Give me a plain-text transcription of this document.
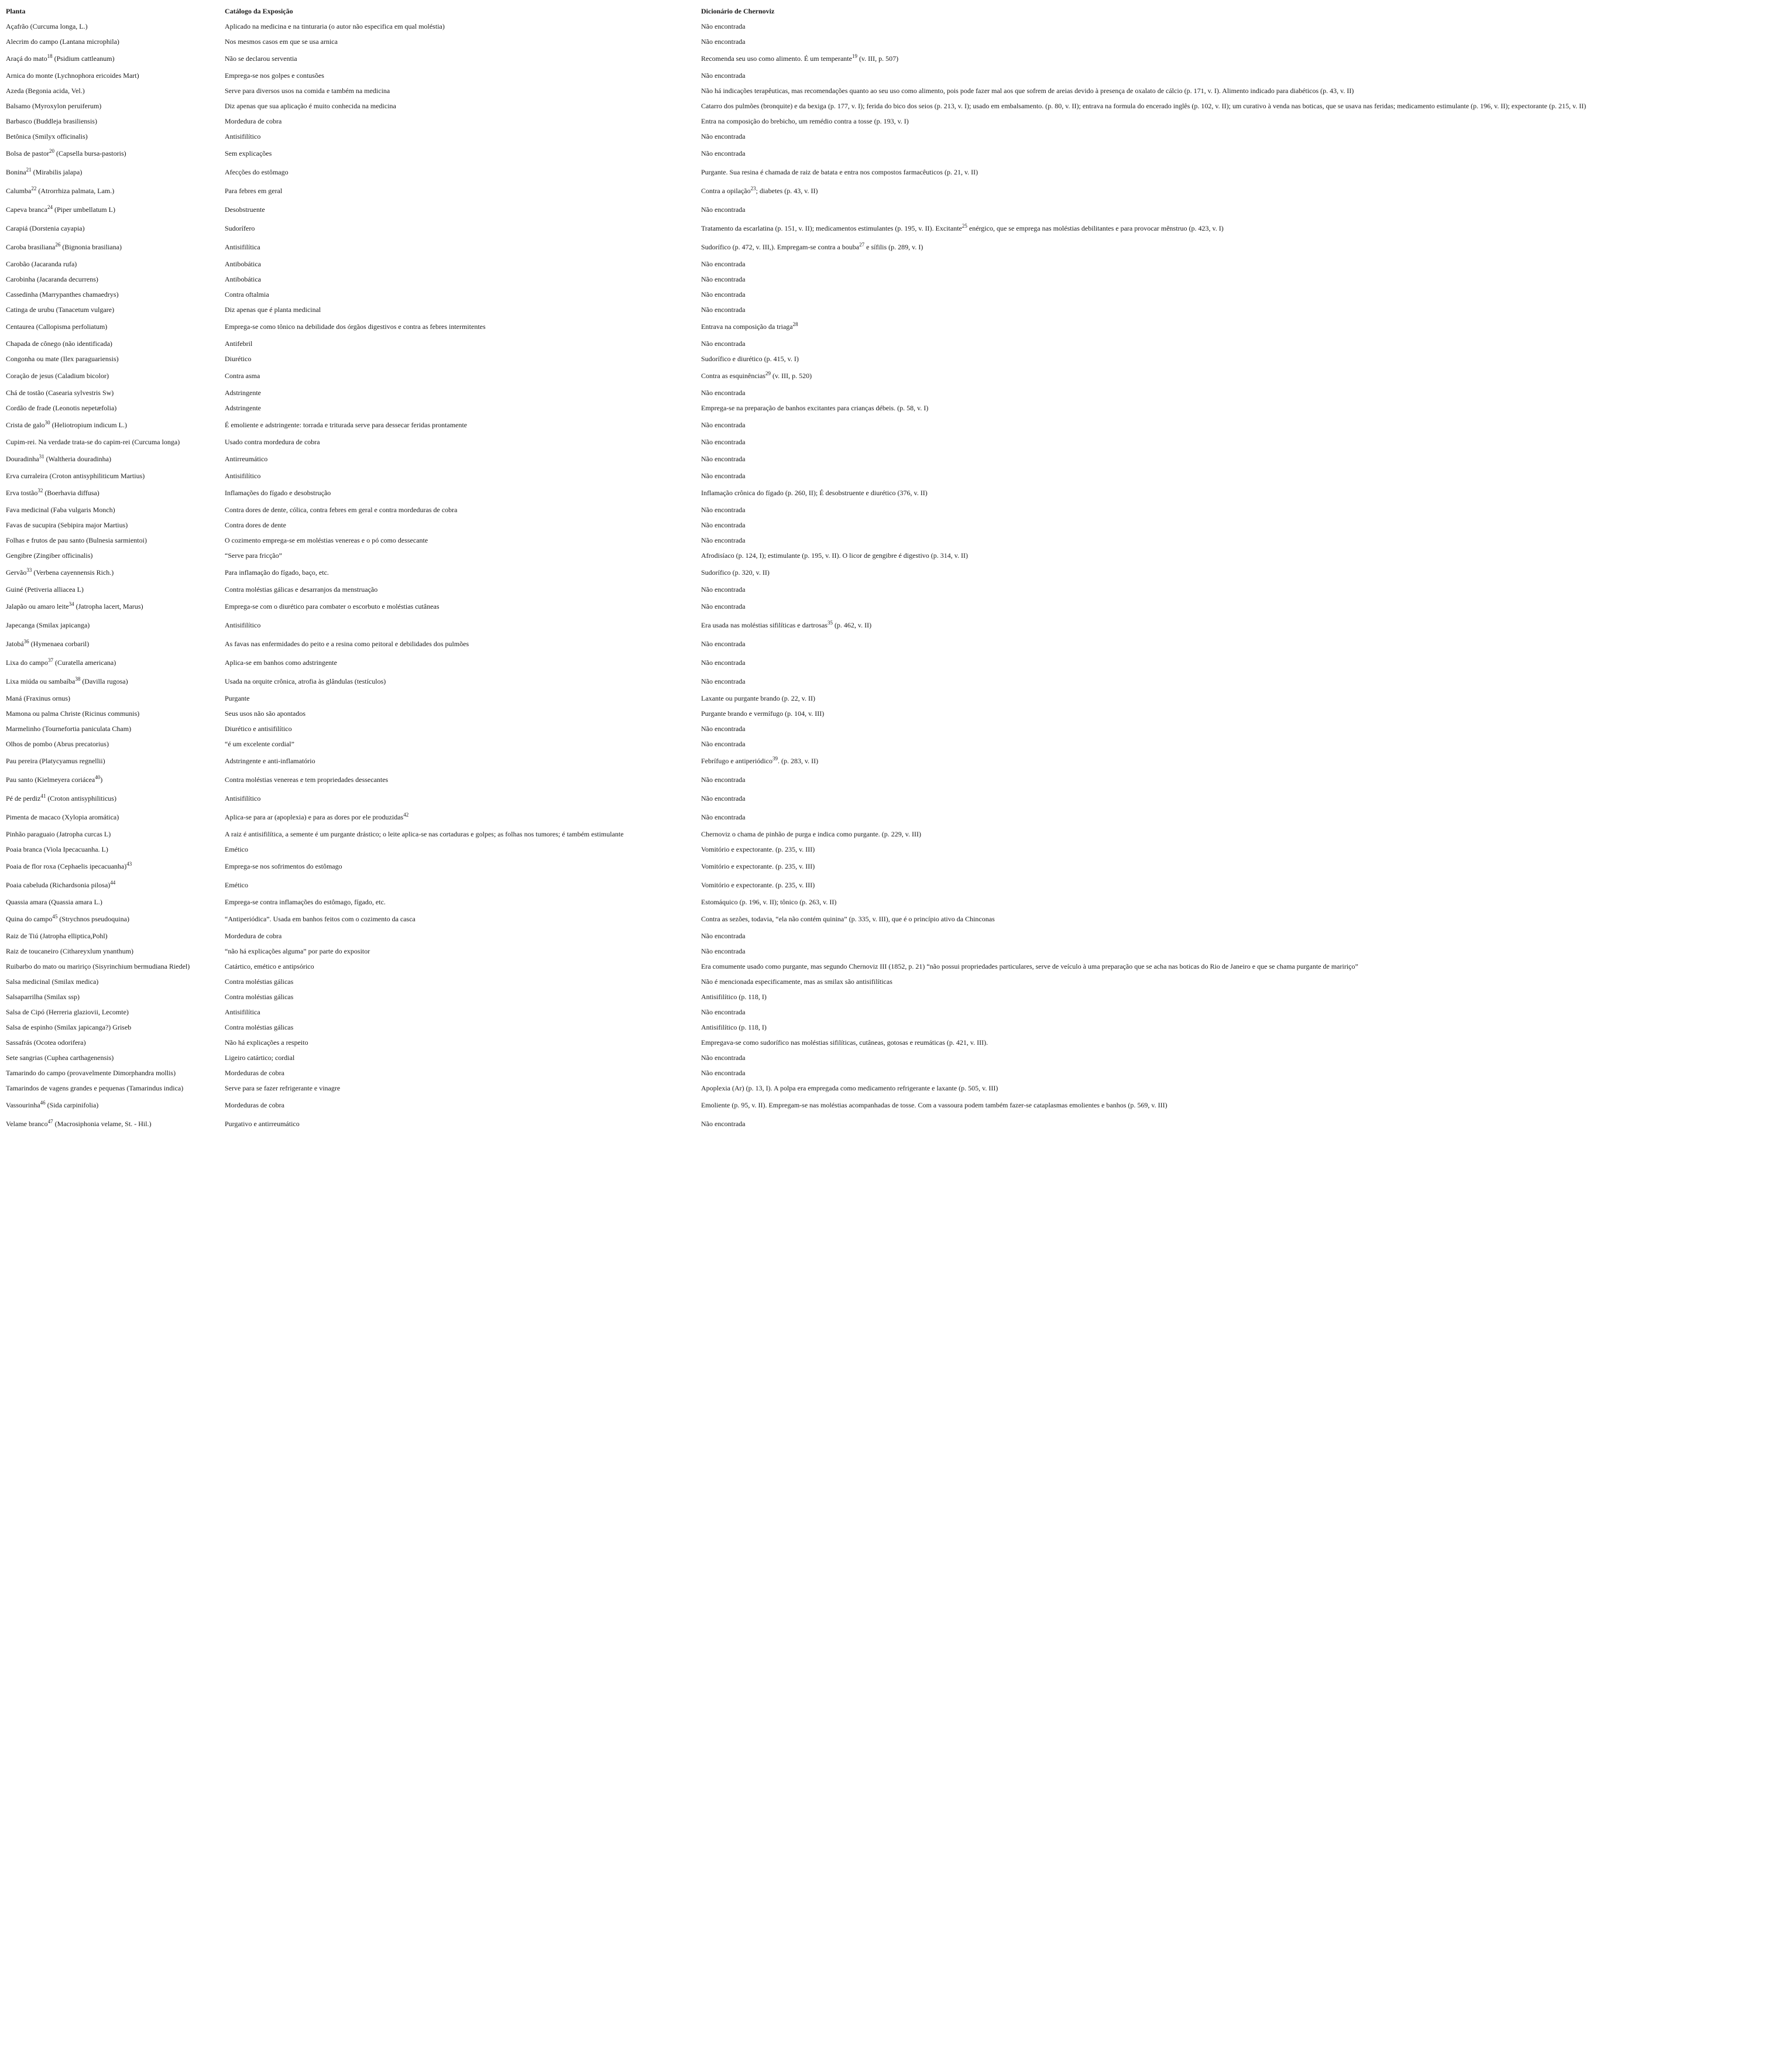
Planta	Catálogo da Exposição	Dicionário de Chernoviz
Açafrão (Curcuma longa, L.)	Aplicado na medicina e na tinturaria (o autor não especifica em qual moléstia)	Não encontrada
Alecrim do campo (Lantana microphila)	Nos mesmos casos em que se usa arnica	Não encontrada
Araçá do mato$^{18}$ (Psidium cattleanum)	Não se declarou serventia	Recomenda seu uso como alimento. É um temperante$^{19}$ (v. III, p. 507)
Arnica do monte (Lychnophora ericoides Mart)	Emprega-se nos golpes e contusões	Não encontrada
Azeda (Begonia acida, Vel.)	Serve para diversos usos na comida e também na medicina	Não há indicações terapêuticas, mas recomendações quanto ao seu uso como alimento, pois pode fazer mal aos que sofrem de areias devido à presença de oxalato de cálcio (p. 171, v. I). Alimento indicado para diabéticos (p. 43, v. II)
Balsamo (Myroxylon peruiferum)	Diz apenas que sua aplicação é muito conhecida na medicina	Catarro dos pulmões (bronquite) e da bexiga (p. 177, v. I); ferida do bico dos seios (p. 213, v. I); usado em embalsamento. (p. 80, v. II); entrava na formula do encerado inglês (p. 102, v. II); um curativo à venda nas boticas, que se usava nas feridas; medicamento estimulante (p. 196, v. II); expectorante (p. 215, v. II)
Barbasco (Buddleja brasiliensis)	Mordedura de cobra	Entra na composição do brebicho, um remédio contra a tosse (p. 193, v. I)
Betônica (Smilyx officinalis)	Antisifilítico	Não encontrada
Bolsa de pastor$^{20}$ (Capsella bursa-pastoris)	Sem explicações	Não encontrada
Bonina$^{21}$ (Mirabilis jalapa)	Afecções do estômago	Purgante. Sua resina é chamada de raiz de batata e entra nos compostos farmacêuticos (p. 21, v. II)
Calumba$^{22}$ (Atrorrhiza palmata, Lam.)	Para febres em geral	Contra a opilação$^{23}$; diabetes (p. 43, v. II)
Capeva branca$^{24}$ (Piper umbellatum L)	Desobstruente	Não encontrada
Carapiá (Dorstenia cayapia)	Sudorífero	Tratamento da escarlatina (p. 151, v. II); medicamentos estimulantes (p. 195, v. II). Excitante$^{25}$ enérgico, que se emprega nas moléstias debilitantes e para provocar mênstruo (p. 423, v. I)
Caroba brasiliana$^{26}$ (Bignonia brasiliana)	Antisifilítica	Sudorífico (p. 472, v. III,). Empregam-se contra a bouba$^{27}$ e sífilis (p. 289, v. I)
Carobão (Jacaranda rufa)	Antibobática	Não encontrada
Carobinha (Jacaranda decurrens)	Antibobática	Não encontrada
Cassedinha (Marrypanthes chamaedrys)	Contra oftalmia	Não encontrada
Catinga de urubu (Tanacetum vulgare)	Diz apenas que é planta medicinal	Não encontrada
Centaurea (Callopisma perfoliatum)	Emprega-se como tônico na debilidade dos órgãos digestivos e contra as febres intermitentes	Entrava na composição da triaga$^{28}$
Chapada de cônego (não identificada)	Antifebril	Não encontrada
Congonha ou mate (Ilex paraguariensis)	Diurético	Sudorífico e diurético (p. 415, v. I)
Coração de jesus (Caladium bicolor)	Contra asma	Contra as esquinências$^{29}$ (v. III, p. 520)
Chá de tostão (Casearia sylvestris Sw)	Adstringente	Não encontrada
Cordão de frade (Leonotis nepetæfolia)	Adstringente	Emprega-se na preparação de banhos excitantes para crianças débeis. (p. 58, v. I)
Crista de galo$^{30}$ (Heliotropium indicum L.)	É emoliente e adstringente: torrada e triturada serve para dessecar feridas prontamente	Não encontrada
Cupim-rei. Na verdade trata-se do capim-rei (Curcuma longa)	Usado contra mordedura de cobra	Não encontrada
Douradinha$^{31}$ (Waltheria douradinha)	Antirreumático	Não encontrada
Erva curraleira (Croton antisyphiliticum Martius)	Antisifilítico	Não encontrada
Erva tostão$^{32}$ (Boerhavia diffusa)	Inflamações do fígado e desobstrução	Inflamação crônica do fígado (p. 260, II); É desobstruente e diurético (376, v. II)
Fava medicinal (Faba vulgaris Monch)	Contra dores de dente, cólica, contra febres em geral e contra mordeduras de cobra	Não encontrada
Favas de sucupira (Sebipira major Martius)	Contra dores de dente	Não encontrada
Folhas e frutos de pau santo (Bulnesia sarmientoi)	O cozimento emprega-se em moléstias venereas e o pó como dessecante	Não encontrada
Gengibre (Zingiber officinalis)	“Serve para fricção”	Afrodisíaco (p. 124, I); estimulante (p. 195, v. II). O licor de gengibre é digestivo (p. 314, v. II)
Gervão$^{33}$ (Verbena cayennensis Rich.)	Para inflamação do fígado, baço, etc.	Sudorífico (p. 320, v. II)
Guiné (Petiveria alliacea L)	Contra moléstias gálicas e desarranjos da menstruação	Não encontrada
Jalapão ou amaro leite$^{34}$ (Jatropha lacert, Marus)	Emprega-se com o diurético para combater o escorbuto e moléstias cutâneas	Não encontrada
Japecanga (Smilax japicanga)	Antisifilítico	Era usada nas moléstias sifilíticas e dartrosas$^{35}$ (p. 462, v. II)
Jatobá$^{36}$ (Hymenaea corbaril)	As favas nas enfermidades do peito e a resina como peitoral e debilidades dos pulmões	Não encontrada
Lixa do campo$^{37}$ (Curatella americana)	Aplica-se em banhos como adstringente	Não encontrada
Lixa miúda ou sambaíba$^{38}$ (Davilla rugosa)	Usada na orquite crônica, atrofia às glândulas (testículos)	Não encontrada
Maná (Fraxinus ornus)	Purgante	Laxante ou purgante brando (p. 22, v. II)
Mamona ou palma Christe (Ricinus communis)	Seus usos não são apontados	Purgante brando e vermífugo (p. 104, v. III)
Marmelinho (Tournefortia paniculata Cham)	Diurético e antisifilítico	Não encontrada
Olhos de pombo (Abrus precatorius)	“é um excelente cordial”	Não encontrada
Pau pereira (Platycyamus regnellii)	Adstringente e anti-inflamatório	Febrífugo e antiperiódico$^{39}$. (p. 283, v. II)
Pau santo (Kielmeyera coriácea$^{40}$)	Contra moléstias venereas e tem propriedades dessecantes	Não encontrada
Pé de perdiz$^{41}$ (Croton antisyphiliticus)	Antisifilítico	Não encontrada
Pimenta de macaco (Xylopia aromática)	Aplica-se para ar (apoplexia) e para as dores por ele produzidas$^{42}$	Não encontrada
Pinhão paraguaio (Jatropha curcas L)	A raiz é antisifilítica, a semente é um purgante drástico; o leite aplica-se nas cortaduras e golpes; as folhas nos tumores; é também estimulante	Chernoviz o chama de pinhão de purga e indica como purgante. (p. 229, v. III)
Poaia branca (Viola Ipecacuanha. L)	Emético	Vomitório e expectorante. (p. 235, v. III)
Poaia de flor roxa (Cephaelis ipecacuanha)$^{43}$	Emprega-se nos sofrimentos do estômago	Vomitório e expectorante. (p. 235, v. III)
Poaia cabeluda (Richardsonia pilosa)$^{44}$	Emético	Vomitório e expectorante. (p. 235, v. III)
Quassia amara (Quassia amara L.)	Emprega-se contra inflamações do estômago, fígado, etc.	Estomáquico (p. 196, v. II); tônico (p. 263, v. II)
Quina do campo$^{45}$ (Strychnos pseudoquina)	“Antiperiódica”. Usada em banhos feitos com o cozimento da casca	Contra as sezões, todavia, “ela não contém quinina” (p. 335, v. III), que é o princípio ativo da Chinconas
Raiz de Tiú (Jatropha elliptica,Pohl)	Mordedura de cobra	Não encontrada
Raiz de toucaneiro (Cithareyxlum ynanthum)	“não há explicações alguma” por parte do expositor	Não encontrada
Ruibarbo do mato ou maririço (Sisyrinchium bermudiana Riedel)	Catártico, emético e antipsórico	Era comumente usado como purgante, mas segundo Chernoviz III (1852, p. 21) “não possui propriedades particulares, serve de veículo à uma preparação que se acha nas boticas do Rio de Janeiro e que se chama purgante de maririço”
Salsa medicinal (Smilax medica)	Contra moléstias gálicas	Não é mencionada especificamente, mas as smilax são antisifilíticas
Salsaparrilha (Smilax ssp)	Contra moléstias gálicas	Antisifilítico (p. 118, I)
Salsa de Cipó (Herreria glaziovii, Lecomte)	Antisifilítica	Não encontrada
Salsa de espinho (Smilax japicanga?) Griseb	Contra moléstias gálicas	Antisifilítico (p. 118, I)
Sassafrás (Ocotea odorifera)	Não há explicações a respeito	Empregava-se como sudorífico nas moléstias sifilíticas, cutâneas, gotosas e reumáticas (p. 421, v. III).
Sete sangrias (Cuphea carthagenensis)	Ligeiro catártico; cordial	Não encontrada
Tamarindo do campo (provavelmente Dimorphandra mollis)	Mordeduras de cobra	Não encontrada
Tamarindos de vagens grandes e pequenas (Tamarindus indica)	Serve para se fazer refrigerante e vinagre	Apoplexia (Ar) (p. 13, I). A polpa era empregada como medicamento refrigerante e laxante (p. 505, v. III)
Vassourinha$^{46}$ (Sida carpinifolia)	Mordeduras de cobra	Emoliente (p. 95, v. II). Empregam-se nas moléstias acompanhadas de tosse. Com a vassoura podem também fazer-se cataplasmas emolientes e banhos (p. 569, v. III)
Velame branco$^{47}$ (Macrosiphonia velame, St. - Hil.)	Purgativo e antirreumático	Não encontrada
